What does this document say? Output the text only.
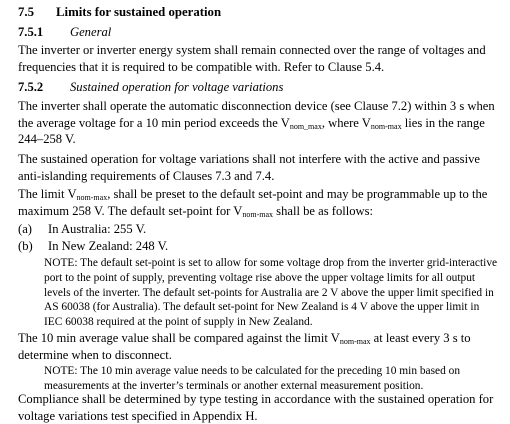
7.5 Limits for sustained operation
7.5.1 General
The inverter or inverter energy system shall remain connected over the range of voltages and frequencies that it is required to be compatible with. Refer to Clause 5.4.
7.5.2 Sustained operation for voltage variations
The inverter shall operate the automatic disconnection device (see Clause 7.2) within 3 s when the average voltage for a 10 min period exceeds the $V_{nom\_max}$, where $V_{nom-max}$ lies in the range 244–258 V.
The sustained operation for voltage variations shall not interfere with the active and passive anti-islanding requirements of Clauses 7.3 and 7.4.
The limit $V_{nom-max}$, shall be preset to the default set-point and may be programmable up to the maximum 258 V. The default set-point for $V_{nom-max}$ shall be as follows:
(a) In Australia: 255 V.
(b) In New Zealand: 248 V.
NOTE: The default set-point is set to allow for some voltage drop from the inverter grid-interactive port to the point of supply, preventing voltage rise above the upper voltage limits for all output levels of the inverter. The default set-points for Australia are 2 V above the upper limit specified in AS 60038 (for Australia). The default set-point for New Zealand is 4 V above the upper limit in IEC 60038 required at the point of supply in New Zealand.
The 10 min average value shall be compared against the limit $V_{nom-max}$ at least every 3 s to determine when to disconnect.
NOTE: The 10 min average value needs to be calculated for the preceding 10 min based on measurements at the inverter’s terminals or another external measurement position.
Compliance shall be determined by type testing in accordance with the sustained operation for voltage variations test specified in Appendix H.
